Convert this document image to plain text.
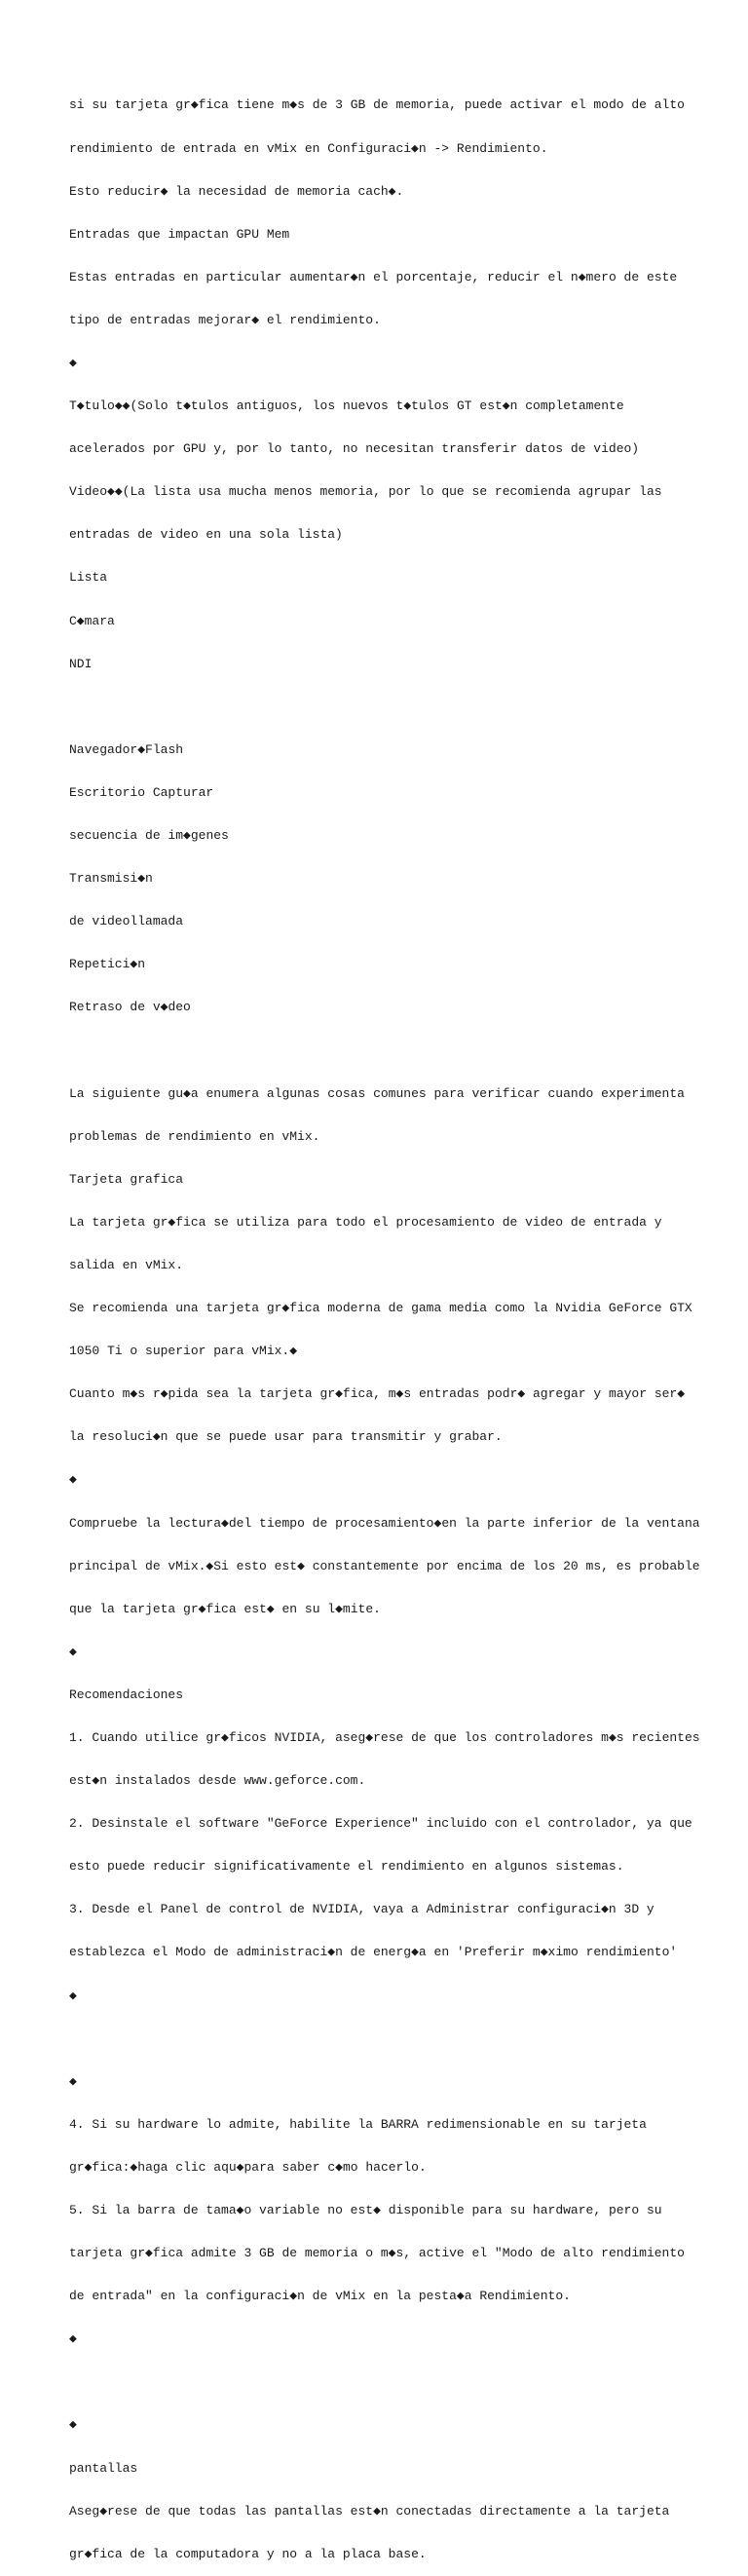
si su tarjeta gr◆fica tiene m◆s de 3 GB de memoria, puede activar el modo de alto

rendimiento de entrada en vMix en Configuraci◆n -> Rendimiento.

Esto reducir◆ la necesidad de memoria cach◆.

Entradas que impactan GPU Mem

Estas entradas en particular aumentar◆n el porcentaje, reducir el n◆mero de este

tipo de entradas mejorar◆ el rendimiento.

◆

T◆tulo◆◆(Solo t◆tulos antiguos, los nuevos t◆tulos GT est◆n completamente

acelerados por GPU y, por lo tanto, no necesitan transferir datos de video)

Video◆◆(La lista usa mucha menos memoria, por lo que se recomienda agrupar las

entradas de video en una sola lista)

Lista

C◆mara

NDI

Navegador◆Flash

Escritorio Capturar

secuencia de im◆genes

Transmisi◆n

de videollamada

Repetici◆n

Retraso de v◆deo

La siguiente gu◆a enumera algunas cosas comunes para verificar cuando experimenta

problemas de rendimiento en vMix.

Tarjeta grafica

La tarjeta gr◆fica se utiliza para todo el procesamiento de video de entrada y

salida en vMix.

Se recomienda una tarjeta gr◆fica moderna de gama media como la Nvidia GeForce GTX

1050 Ti o superior para vMix.◆

Cuanto m◆s r◆pida sea la tarjeta gr◆fica, m◆s entradas podr◆ agregar y mayor ser◆

la resoluci◆n que se puede usar para transmitir y grabar.

◆

Compruebe la lectura◆del tiempo de procesamiento◆en la parte inferior de la ventana

principal de vMix.◆Si esto est◆ constantemente por encima de los 20 ms, es probable

que la tarjeta gr◆fica est◆ en su l◆mite.

◆

Recomendaciones

1. Cuando utilice gr◆ficos NVIDIA, aseg◆rese de que los controladores m◆s recientes

est◆n instalados desde www.geforce.com.

2. Desinstale el software "GeForce Experience" incluido con el controlador, ya que

esto puede reducir significativamente el rendimiento en algunos sistemas.

3. Desde el Panel de control de NVIDIA, vaya a Administrar configuraci◆n 3D y

establezca el Modo de administraci◆n de energ◆a en 'Preferir m◆ximo rendimiento'

◆

◆

4. Si su hardware lo admite, habilite la BARRA redimensionable en su tarjeta

gr◆fica:◆haga clic aqu◆para saber c◆mo hacerlo.

5. Si la barra de tama◆o variable no est◆ disponible para su hardware, pero su

tarjeta gr◆fica admite 3 GB de memoria o m◆s, active el "Modo de alto rendimiento

de entrada" en la configuraci◆n de vMix en la pesta◆a Rendimiento.

◆

◆

pantallas

Aseg◆rese de que todas las pantallas est◆n conectadas directamente a la tarjeta

gr◆fica de la computadora y no a la placa base.
